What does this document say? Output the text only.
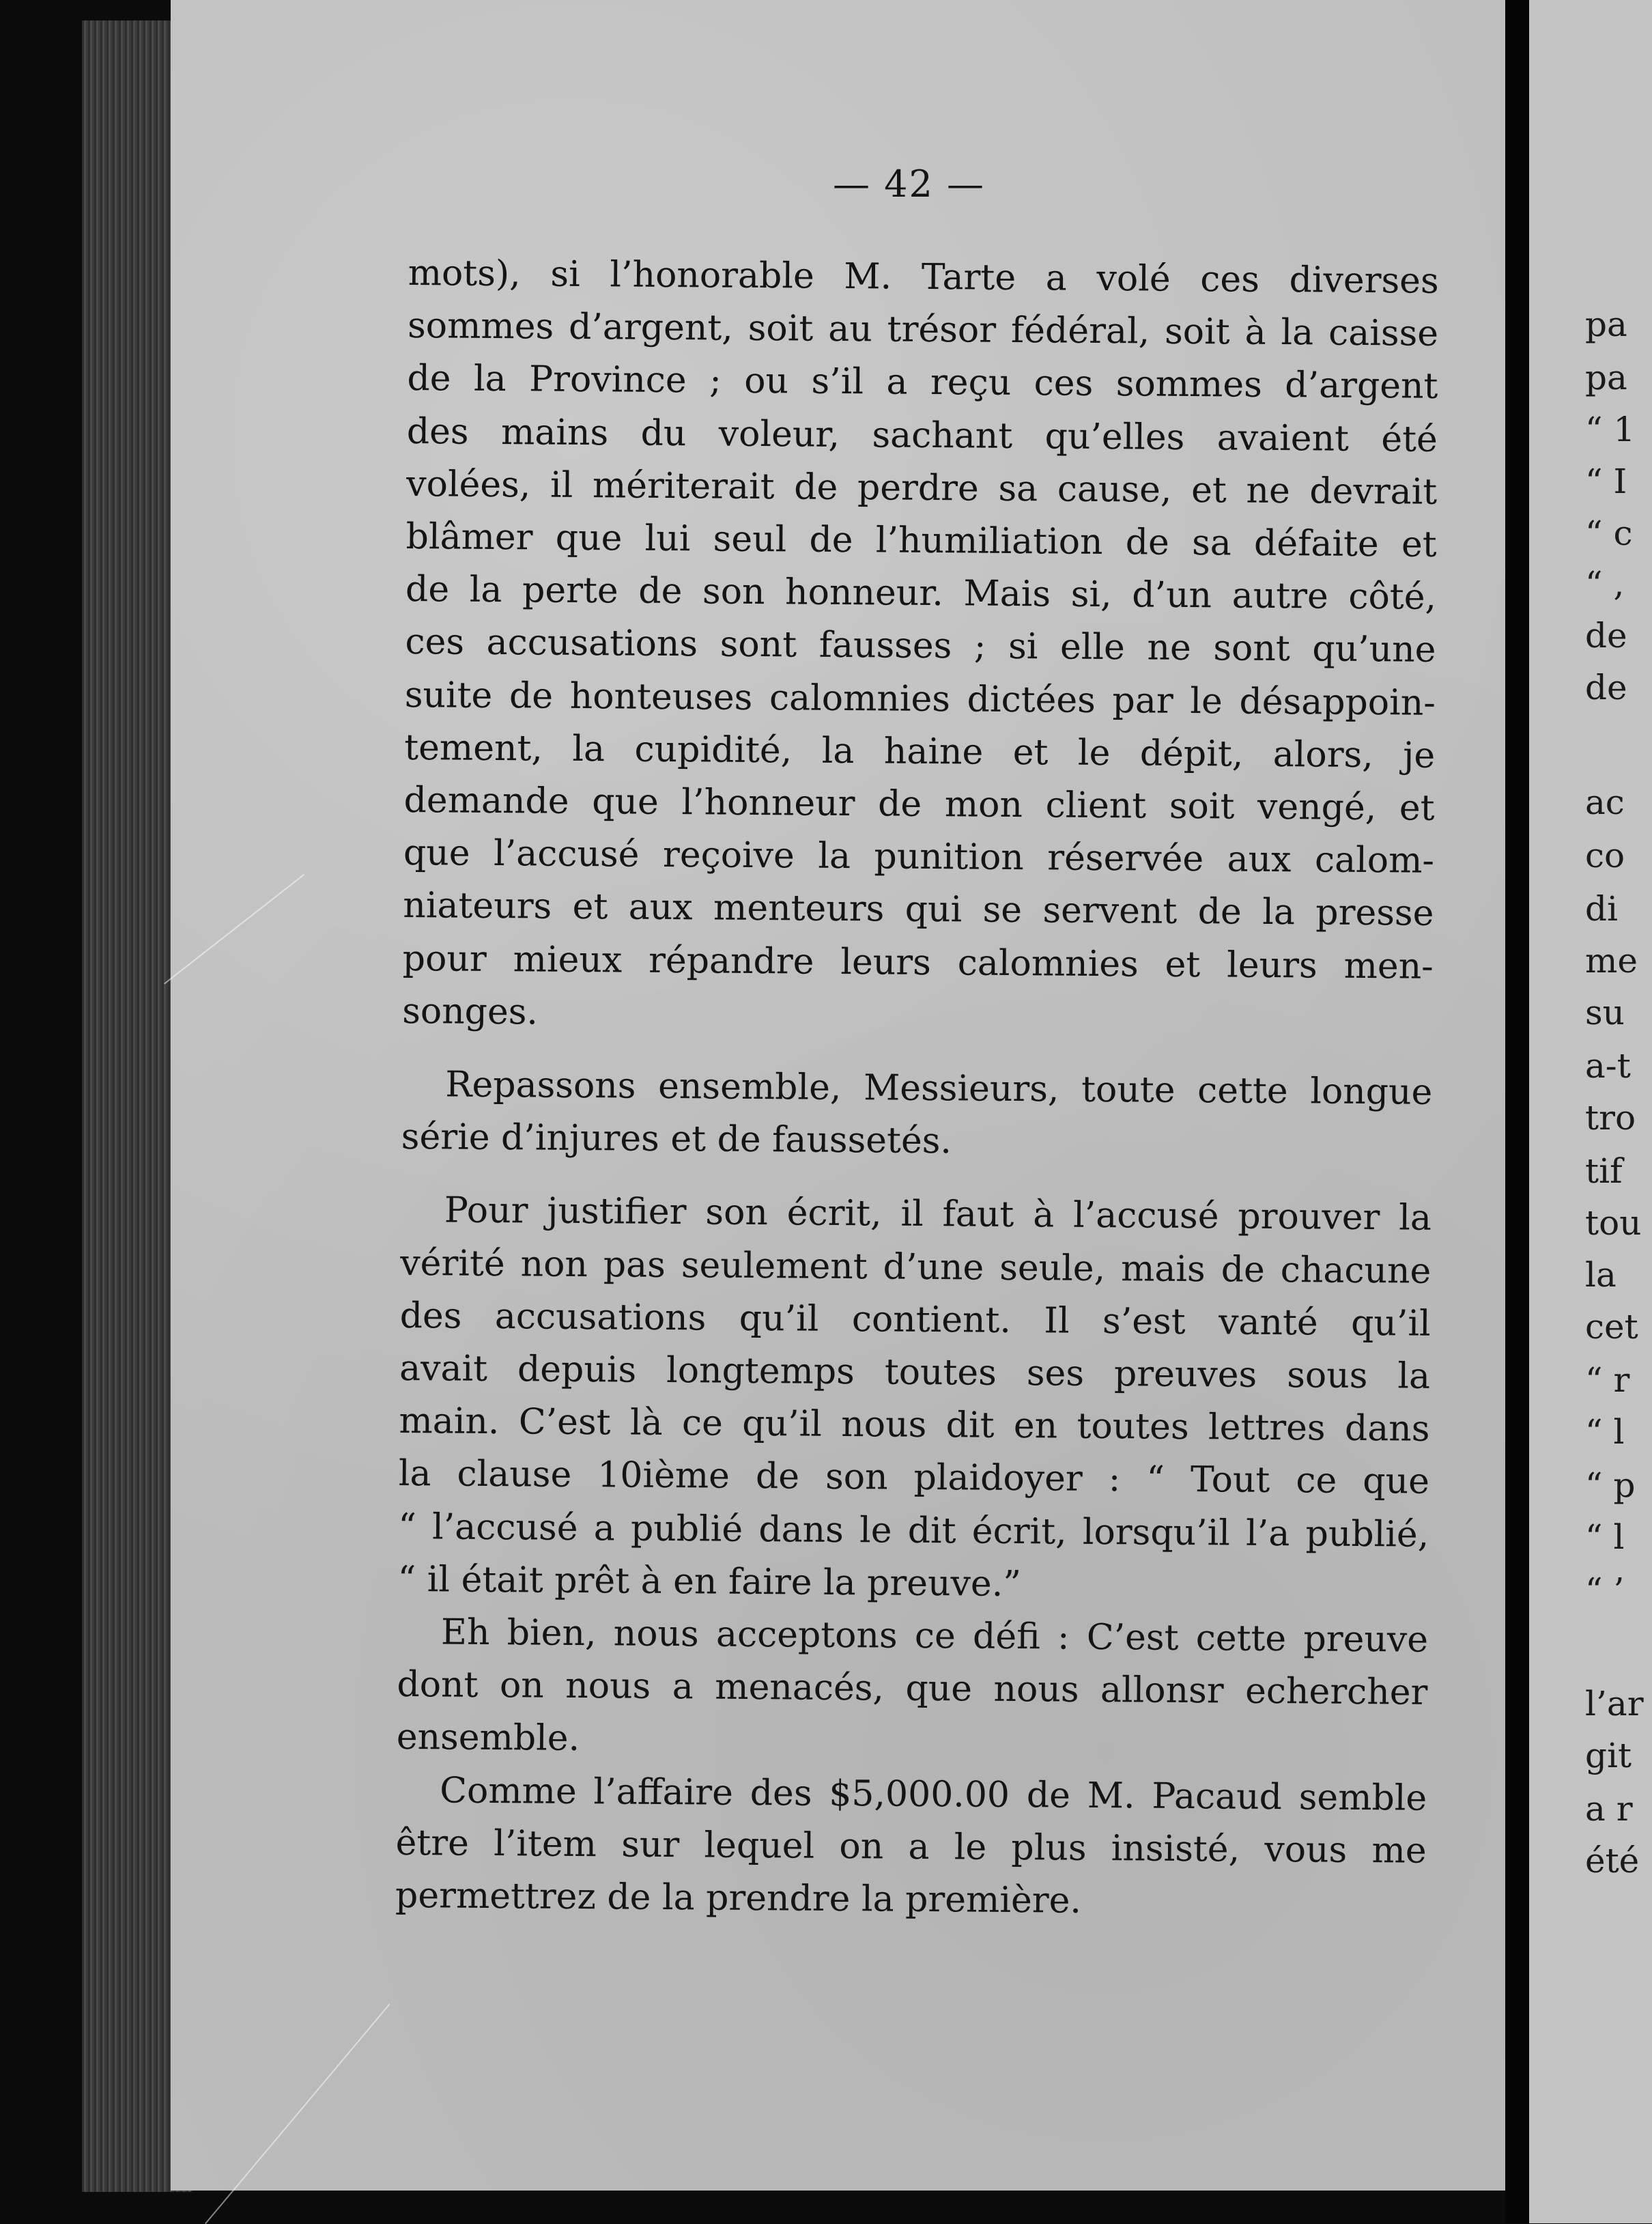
— 42 —
mots), si l’honorable M. Tarte a volé ces diverses
sommes d’argent, soit au trésor fédéral, soit à la caisse
de la Province ; ou s’il a reçu ces sommes d’argent
des mains du voleur, sachant qu’elles avaient été
volées, il mériterait de perdre sa cause, et ne devrait
blâmer que lui seul de l’humiliation de sa défaite et
de la perte de son honneur. Mais si, d’un autre côté,
ces accusations sont fausses ; si elle ne sont qu’une
suite de honteuses calomnies dictées par le désappoin-
tement, la cupidité, la haine et le dépit, alors, je
demande que l’honneur de mon client soit vengé, et
que l’accusé reçoive la punition réservée aux calom-
niateurs et aux menteurs qui se servent de la presse
pour mieux répandre leurs calomnies et leurs men-
songes.
Repassons ensemble, Messieurs, toute cette longue
série d’injures et de faussetés.
Pour justifier son écrit, il faut à l’accusé prouver la
vérité non pas seulement d’une seule, mais de chacune
des accusations qu’il contient. Il s’est vanté qu’il
avait depuis longtemps toutes ses preuves sous la
main. C’est là ce qu’il nous dit en toutes lettres dans
la clause 10ième de son plaidoyer : “ Tout ce que
“ l’accusé a publié dans le dit écrit, lorsqu’il l’a publié,
“ il était prêt à en faire la preuve.”
Eh bien, nous acceptons ce défi : C’est cette preuve
dont on nous a menacés, que nous allonsr echercher
ensemble.
Comme l’affaire des $5,000.00 de M. Pacaud semble
être l’item sur lequel on a le plus insisté, vous me
permettrez de la prendre la première.
pa
pa
“ 1
“ I
“ c
“ ,
de
de
ac
co
di
me
su
a-t
tro
tif
tou
la
cet
“ r
“ l
“ p
“ l
“ ’
l’ar
git
a r
été
